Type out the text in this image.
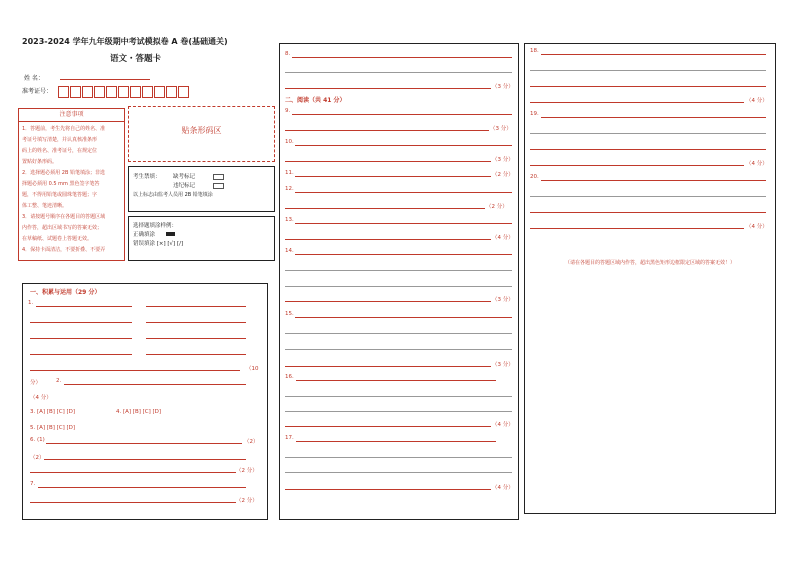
2023-2024 学年九年级期中考试模拟卷 A 卷(基础通关)
语文・答题卡
姓 名：
准考证号：
注意事项
1．答题前，考生先将自己的姓名、准
考证号填写清楚，并认真核准条形
码上的姓名、准考证号，在规定位
置贴好条形码。
2．选择题必须用 2B 铅笔填涂；非选
择题必须用 0.5 mm 黑色签字笔答
题，不得用铅笔或圆珠笔答题；字
体工整、笔迹清晰。
3．请按题号顺序在各题目的答题区域
内作答，超出区域书写的答案无效；
在草稿纸、试题卷上答题无效。
4．保持卡面清洁，不要折叠、不要弄
贴条形码区
考生禁填： 缺考标记
违纪标记
以上标志由监考人员用 2B 铅笔填涂
选择题填涂样例：
正确填涂
错误填涂 [×] [√] [/]
一、积累与运用（29 分）
1.
（10
分）	2.
（4 分）
3. [A] [B] [C] [D]	4. [A] [B] [C] [D]
5. [A] [B] [C] [D]
6. (1)	（2）
（2）
（2 分）
7.
（2 分）
8.
（3 分）
二、阅读（共 41 分）
9.
（3 分）
10.
（3 分）
11.	（2 分）
12.
（2 分）
13.
（4 分）
14.
（3 分）
15.
（3 分）
16.
（4 分）
17.
（4 分）
18.
（4 分）
19.
（4 分）
20.
（4 分）
（请在各题目的答题区域内作答，超出黑色矩形边框限定区域的答案无效！）
